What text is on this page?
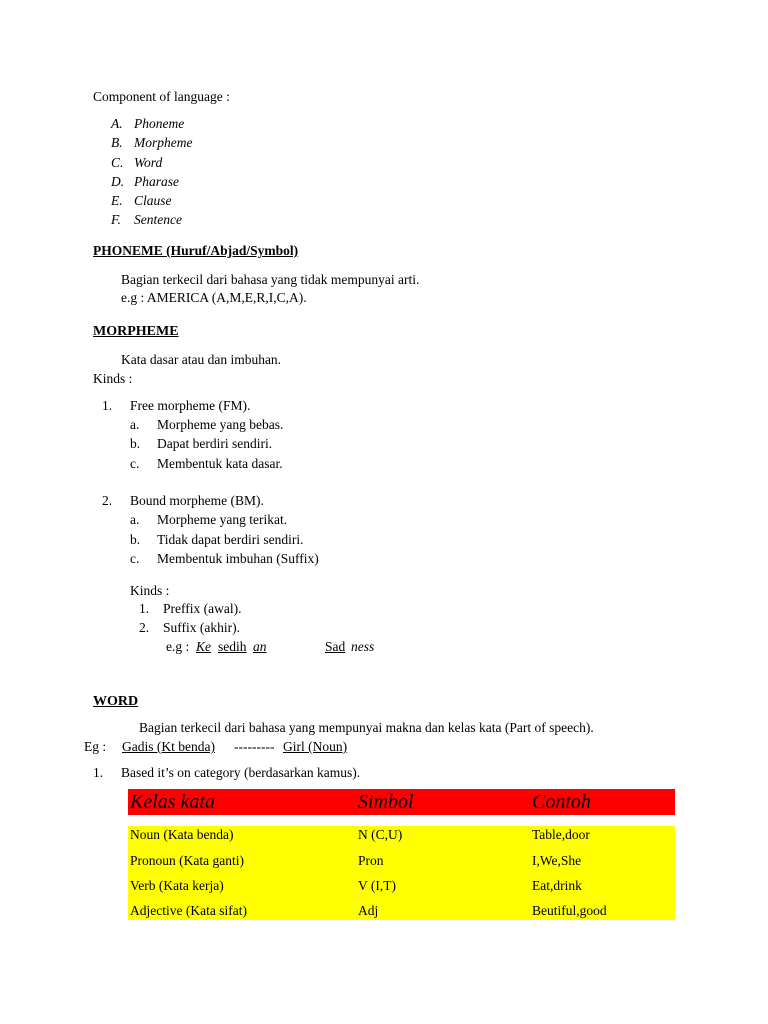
Component of language :
A. Phoneme
B. Morpheme
C. Word
D. Pharase
E. Clause
F. Sentence
PHONEME (Huruf/Abjad/Symbol)
Bagian terkecil dari bahasa yang tidak mempunyai arti.
e.g : AMERICA (A,M,E,R,I,C,A).
MORPHEME
Kata dasar atau dan imbuhan.
Kinds :
1. Free morpheme (FM).
a. Morpheme yang bebas.
b. Dapat berdiri sendiri.
c. Membentuk kata dasar.
2. Bound morpheme (BM).
a. Morpheme yang terikat.
b. Tidak dapat berdiri sendiri.
c. Membentuk imbuhan (Suffix)
Kinds :
1. Preffix (awal).
2. Suffix (akhir).
e.g : Ke sedih an	Sad ness
WORD
Bagian terkecil dari bahasa yang mempunyai makna dan kelas kata (Part of speech).
Eg : Gadis (Kt benda) --------- Girl (Noun)
1. Based it’s on category (berdasarkan kamus).
Kelas kata	Simbol	Contoh
Noun (Kata benda)	N (C,U)	Table,door
Pronoun (Kata ganti)	Pron	I,We,She
Verb (Kata kerja)	V (I,T)	Eat,drink
Adjective (Kata sifat)	Adj	Beutiful,good
